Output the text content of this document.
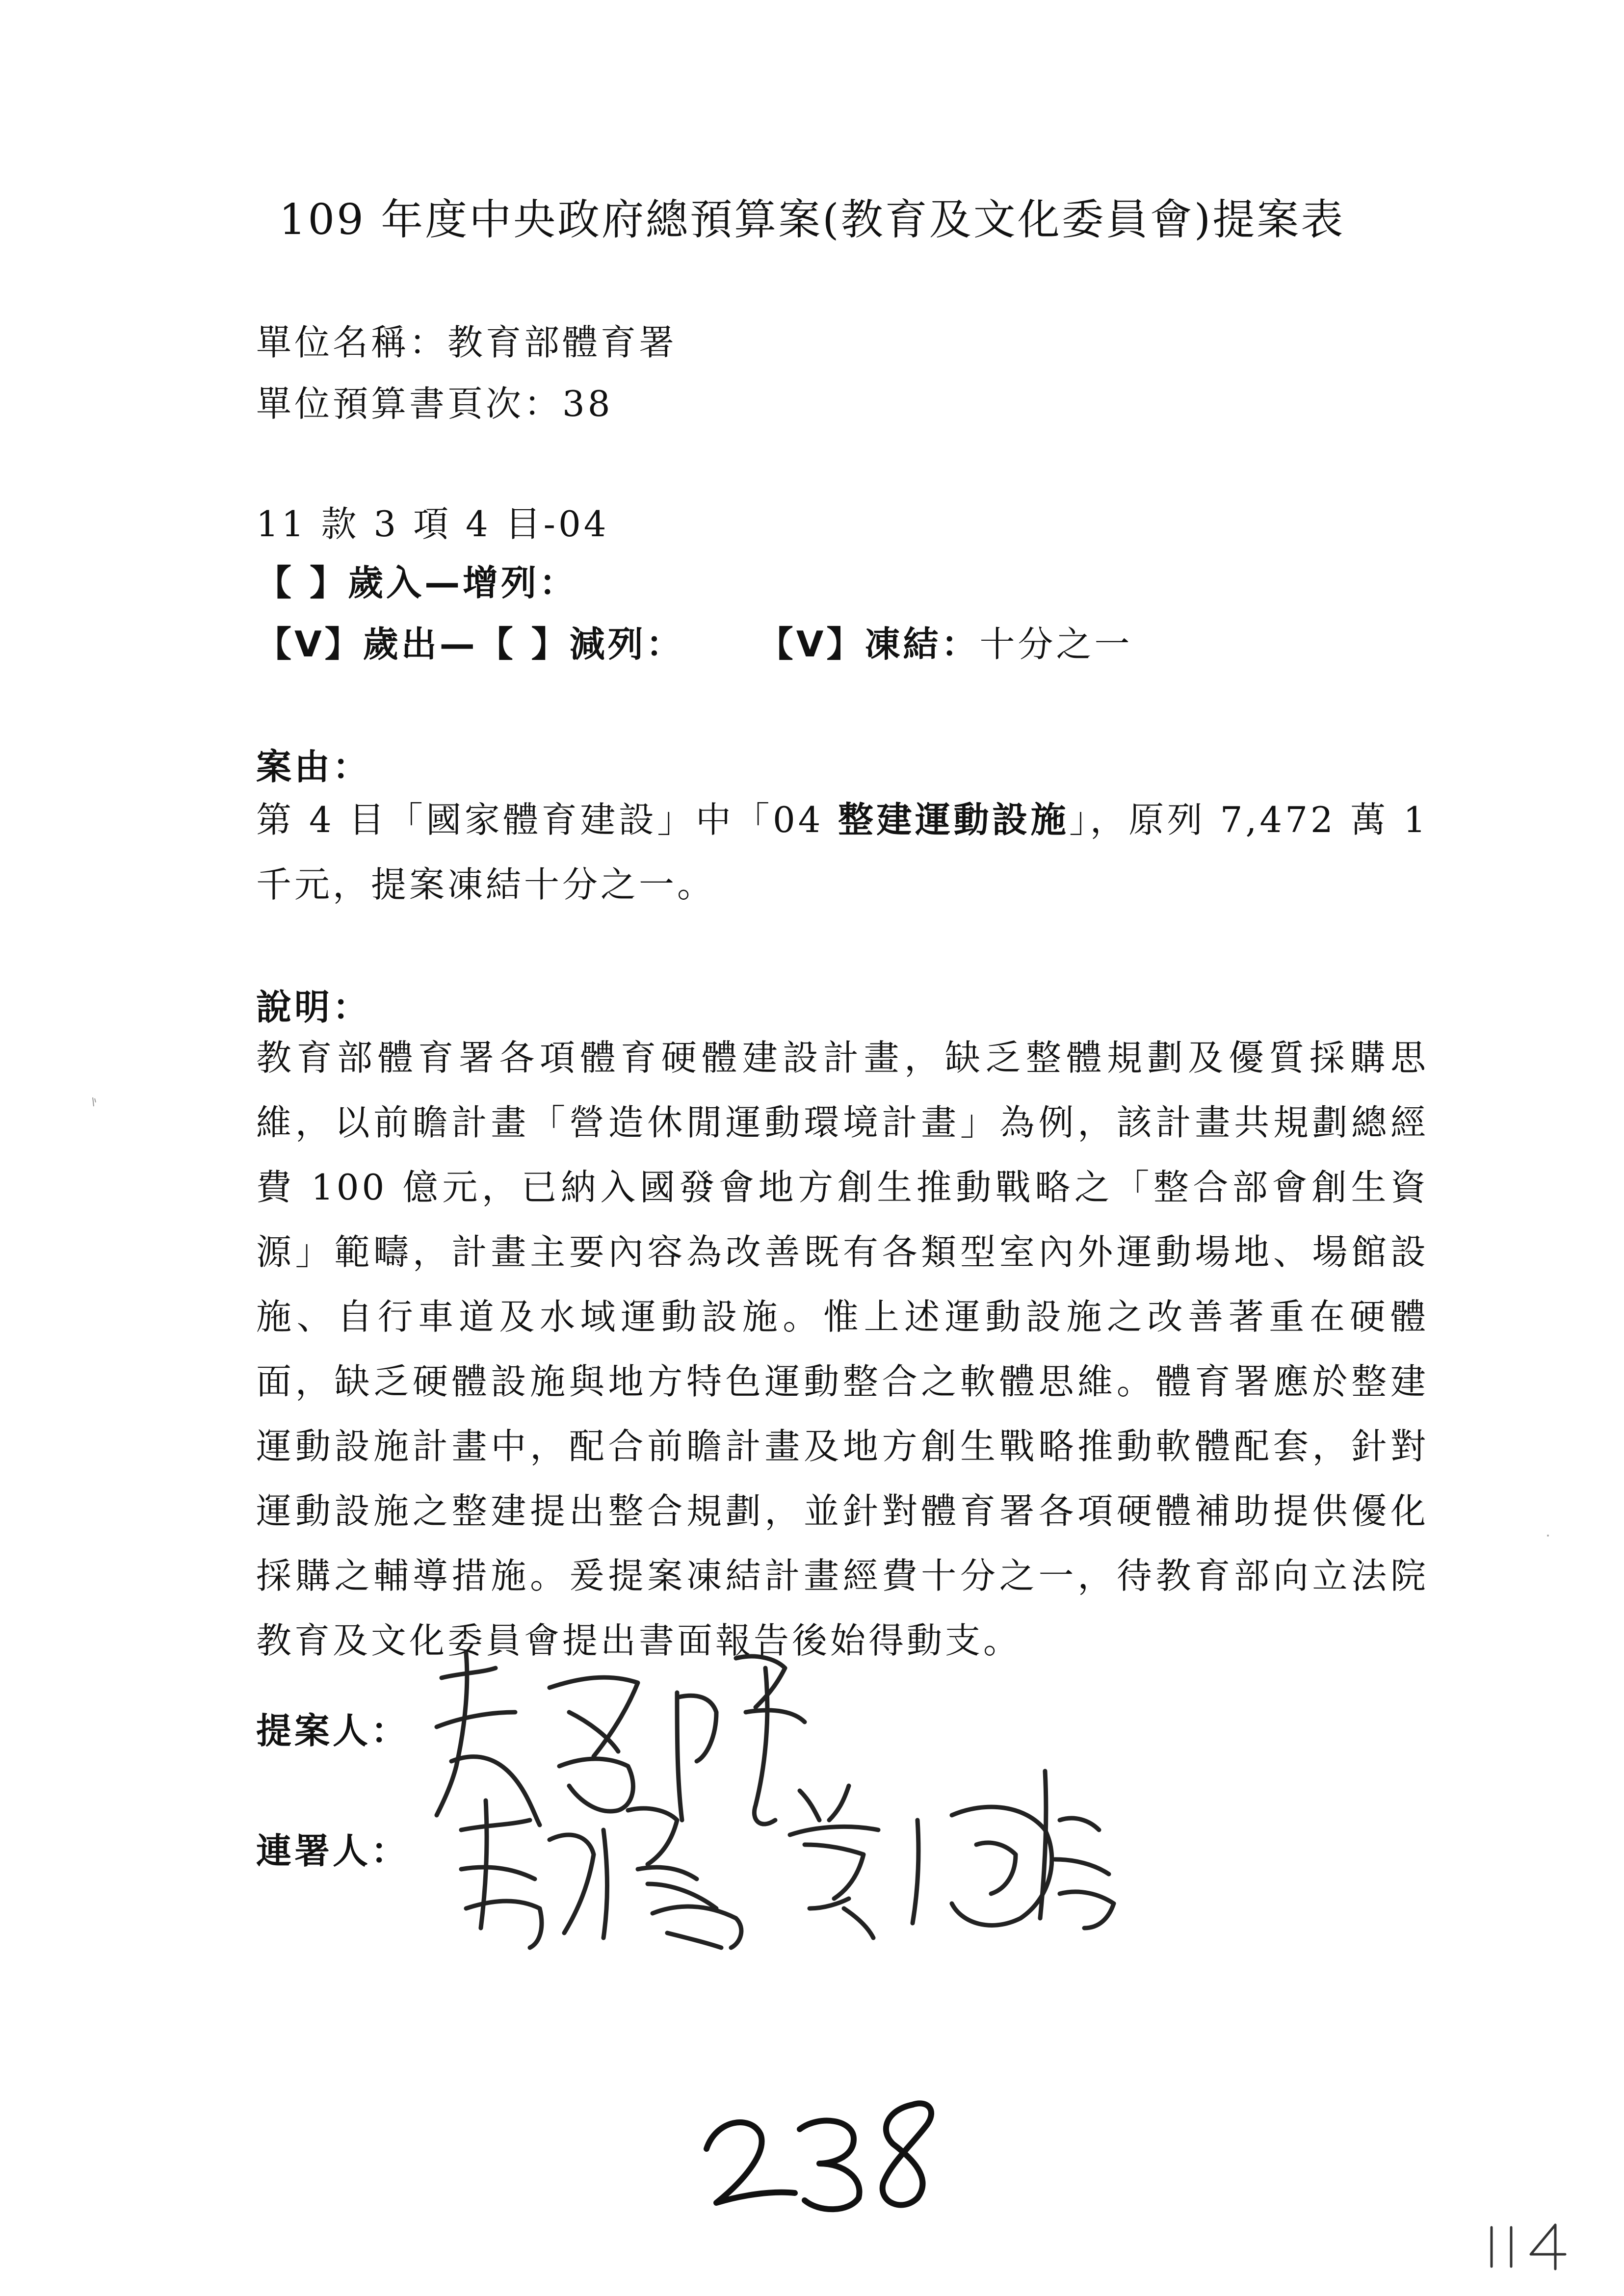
109 年度中央政府總預算案(教育及文化委員會)提案表
單位名稱：教育部體育署
單位預算書頁次：38
11 款 3 項 4 目-04
【 】歲入—增列：
【V】歲出—【 】減列： 【V】凍結：十分之一
案由：
第 4 目「國家體育建設」中「04 整建運動設施」，原列 7,472 萬 1 千元，提案凍結十分之一。
說明：
教育部體育署各項體育硬體建設計畫，缺乏整體規劃及優質採購思維，以前瞻計畫「營造休閒運動環境計畫」為例，該計畫共規劃總經費 100 億元，已納入國發會地方創生推動戰略之「整合部會創生資源」範疇，計畫主要內容為改善既有各類型室內外運動場地、場館設施、自行車道及水域運動設施。惟上述運動設施之改善著重在硬體面，缺乏硬體設施與地方特色運動整合之軟體思維。體育署應於整建運動設施計畫中，配合前瞻計畫及地方創生戰略推動軟體配套，針對運動設施之整建提出整合規劃，並針對體育署各項硬體補助提供優化採購之輔導措施。爰提案凍結計畫經費十分之一，待教育部向立法院教育及文化委員會提出書面報告後始得動支。
提案人：
連署人：
